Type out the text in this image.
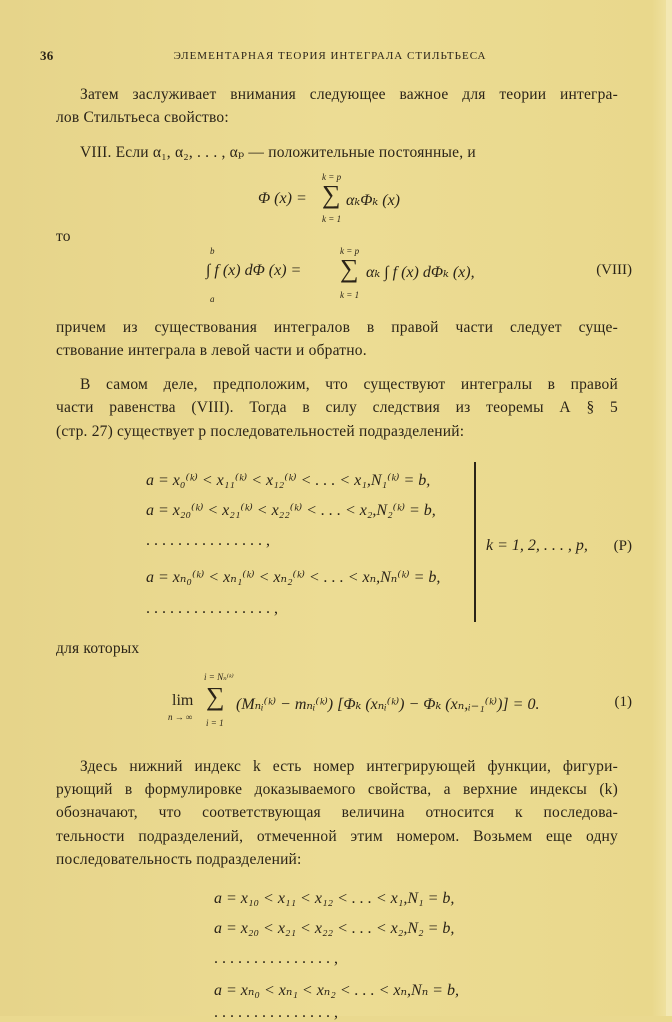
36	ЭЛЕМЕНТАРНАЯ ТЕОРИЯ ИНТЕГРАЛА СТИЛЬТЬЕСА
Затем заслуживает внимания следующее важное для теории интегра-
лов Стильтьеса свойство:
VIII. Если α₁, α₂, . . . , αₚ — положительные постоянные, и
Φ (x) =
k = p
∑
k = 1
αₖΦₖ (x)
то
b
∫ f (x) dΦ (x) =
a
k = p
∑
k = 1
αₖ ∫ f (x) dΦₖ (x),	(VIII)
причем из существования интегралов в правой части следует суще-
ствование интеграла в левой части и обратно.
В самом деле, предположим, что существуют интегралы в правой
части равенства (VIII). Тогда в силу следствия из теоремы А § 5
(стр. 27) существует p последовательностей подразделений:
a = x₀⁽ᵏ⁾ < x₁₁⁽ᵏ⁾ < x₁₂⁽ᵏ⁾ < . . . < x₁,N₁⁽ᵏ⁾ = b,
a = x₂₀⁽ᵏ⁾ < x₂₁⁽ᵏ⁾ < x₂₂⁽ᵏ⁾ < . . . < x₂,N₂⁽ᵏ⁾ = b,
. . . . . . . . . . . . . . . ,
a = xₙ₀⁽ᵏ⁾ < xₙ₁⁽ᵏ⁾ < xₙ₂⁽ᵏ⁾ < . . . < xₙ,Nₙ⁽ᵏ⁾ = b,
. . . . . . . . . . . . . . . . ,
k = 1, 2, . . . , p, (P)
для которых
lim
n → ∞
i = Nₙ⁽ᵏ⁾
∑
i = 1
(Mₙᵢ⁽ᵏ⁾ − mₙᵢ⁽ᵏ⁾) [Φₖ (xₙᵢ⁽ᵏ⁾) − Φₖ (xₙ,ᵢ₋₁⁽ᵏ⁾)] = 0.	(1)
Здесь нижний индекс k есть номер интегрирующей функции, фигури-
рующий в формулировке доказываемого свойства, а верхние индексы (k)
обозначают, что соответствующая величина относится к последова-
тельности подразделений, отмеченной этим номером. Возьмем еще одну
последовательность подразделений:
a = x₁₀ < x₁₁ < x₁₂ < . . . < x₁,N₁ = b,
a = x₂₀ < x₂₁ < x₂₂ < . . . < x₂,N₂ = b,
. . . . . . . . . . . . . . . ,
a = xₙ₀ < xₙ₁ < xₙ₂ < . . . < xₙ,Nₙ = b,
. . . . . . . . . . . . . . . ,
